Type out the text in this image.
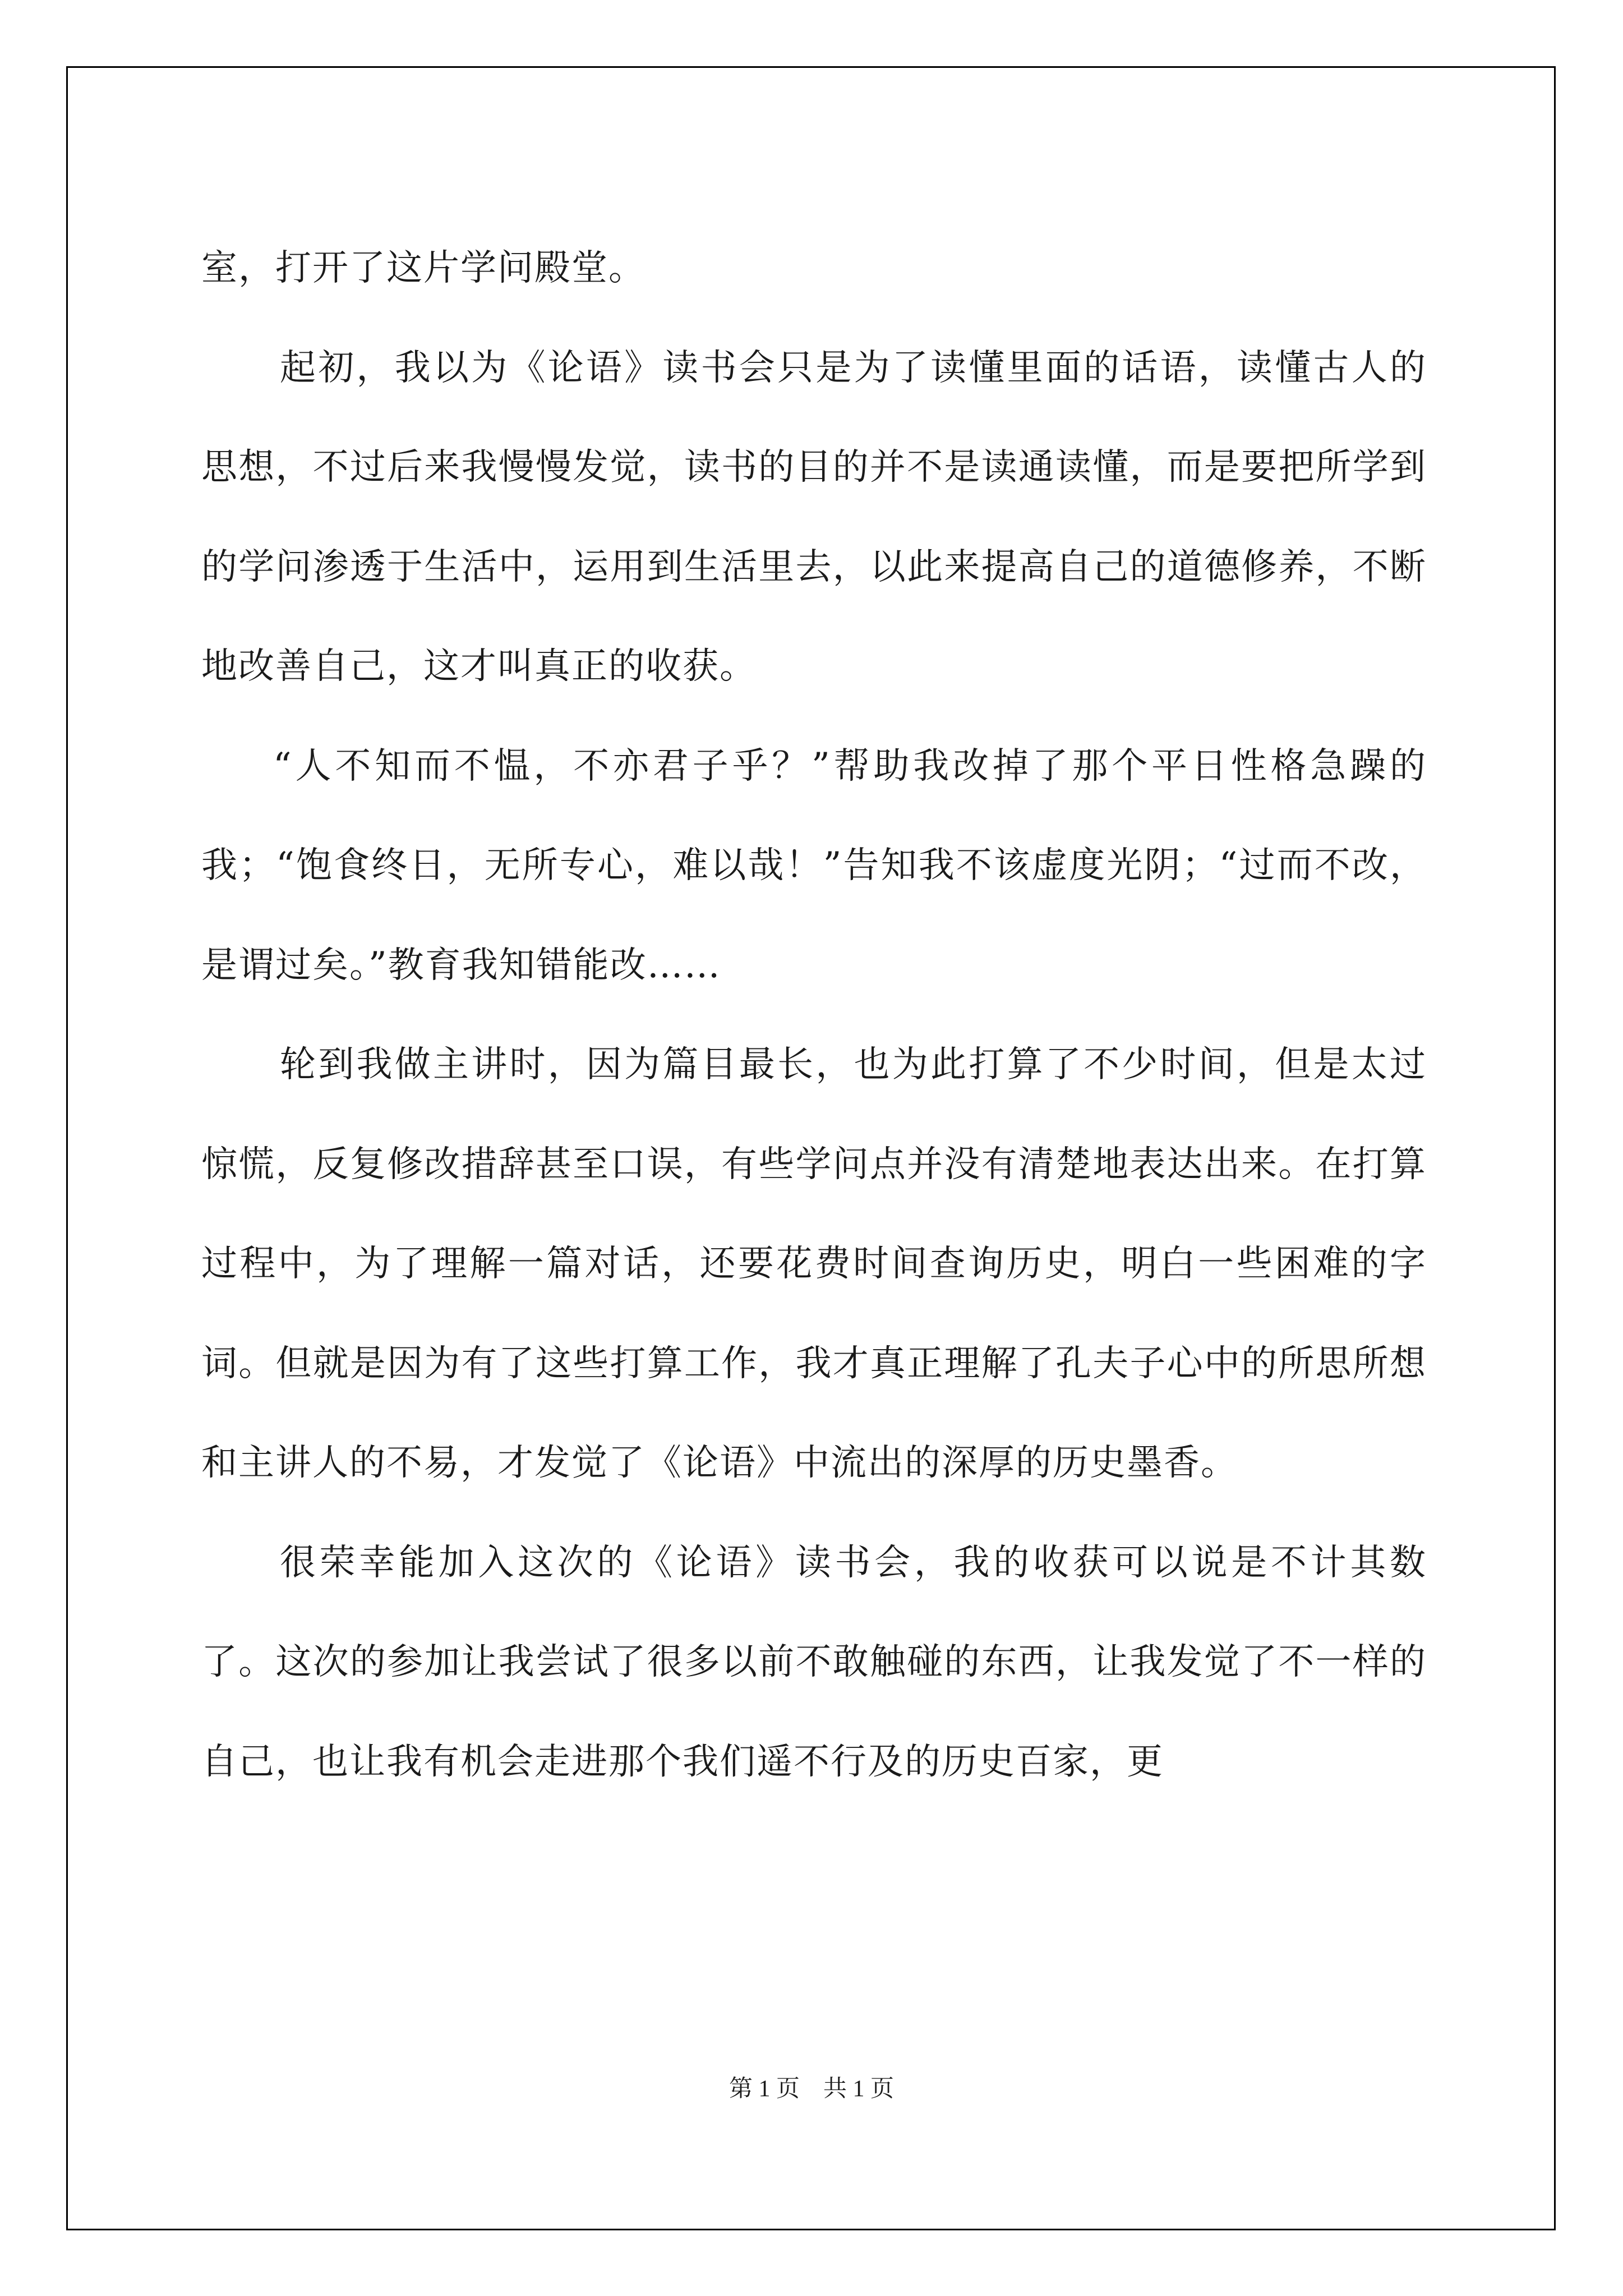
室，打开了这片学问殿堂。

起初，我以为《论语》读书会只是为了读懂里面的话语，读懂古人的思想，不过后来我慢慢发觉，读书的目的并不是读通读懂，而是要把所学到的学问渗透于生活中，运用到生活里去，以此来提高自己的道德修养，不断地改善自己，这才叫真正的收获。

“人不知而不愠，不亦君子乎？”帮助我改掉了那个平日性格急躁的我；“饱食终日，无所专心，难以哉！”告知我不该虚度光阴；“过而不改，是谓过矣。”教育我知错能改……

轮到我做主讲时，因为篇目最长，也为此打算了不少时间，但是太过惊慌，反复修改措辞甚至口误，有些学问点并没有清楚地表达出来。在打算过程中，为了理解一篇对话，还要花费时间查询历史，明白一些困难的字词。但就是因为有了这些打算工作，我才真正理解了孔夫子心中的所思所想和主讲人的不易，才发觉了《论语》中流出的深厚的历史墨香。

很荣幸能加入这次的《论语》读书会，我的收获可以说是不计其数了。这次的参加让我尝试了很多以前不敢触碰的东西，让我发觉了不一样的自己，也让我有机会走进那个我们遥不行及的历史百家，更

第 1 页    共 1 页
